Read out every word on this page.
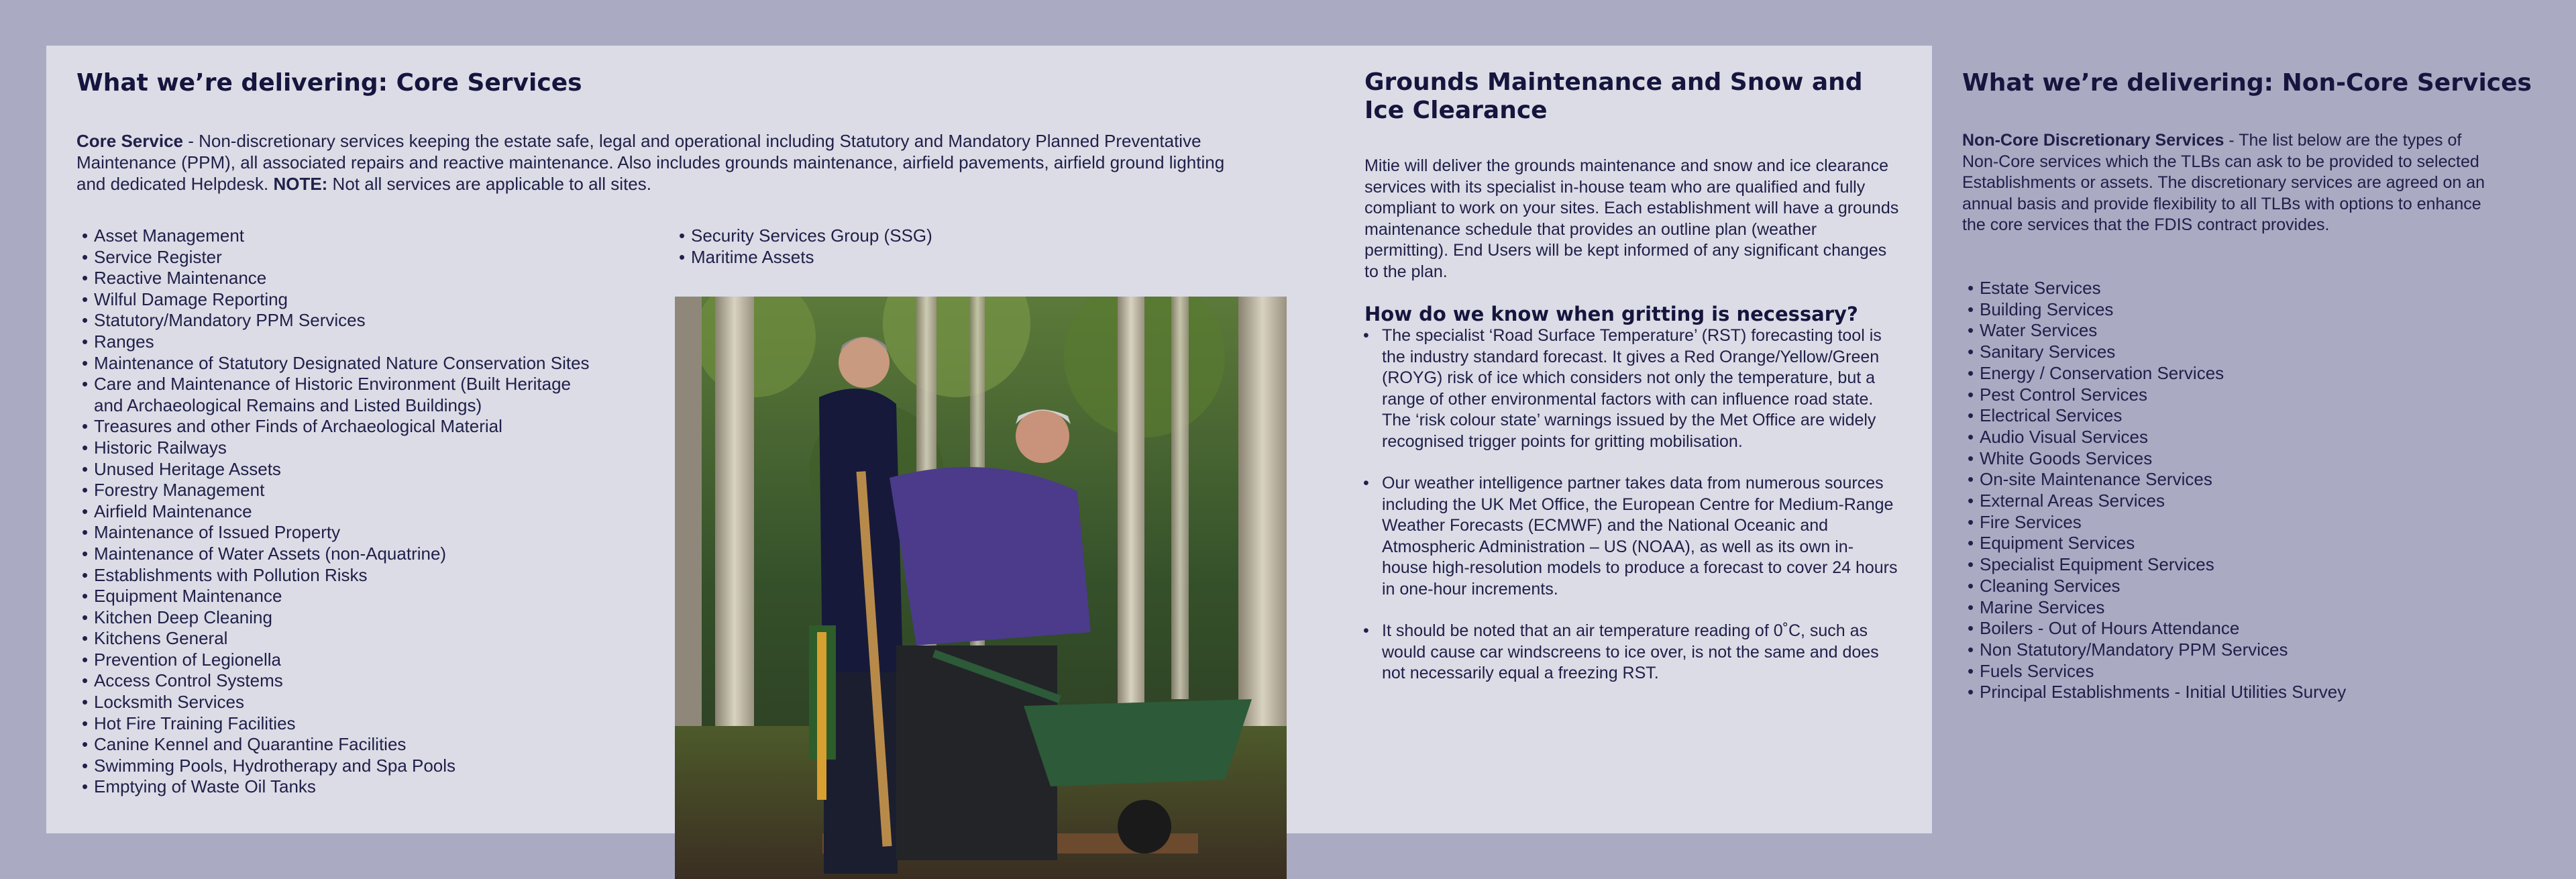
What we’re delivering: Core Services

Core Service - Non-discretionary services keeping the estate safe, legal and operational including Statutory and Mandatory Planned Preventative Maintenance (PPM), all associated repairs and reactive maintenance. Also includes grounds maintenance, airfield pavements, airfield ground lighting and dedicated Helpdesk. NOTE: Not all services are applicable to all sites.

• Asset Management
• Service Register
• Reactive Maintenance
• Wilful Damage Reporting
• Statutory/Mandatory PPM Services
• Ranges
• Maintenance of Statutory Designated Nature Conservation Sites
• Care and Maintenance of Historic Environment (Built Heritage and Archaeological Remains and Listed Buildings)
• Treasures and other Finds of Archaeological Material
• Historic Railways
• Unused Heritage Assets
• Forestry Management
• Airfield Maintenance
• Maintenance of Issued Property
• Maintenance of Water Assets (non-Aquatrine)
• Establishments with Pollution Risks
• Equipment Maintenance
• Kitchen Deep Cleaning
• Kitchens General
• Prevention of Legionella
• Access Control Systems
• Locksmith Services
• Hot Fire Training Facilities
• Canine Kennel and Quarantine Facilities
• Swimming Pools, Hydrotherapy and Spa Pools
• Emptying of Waste Oil Tanks
• Security Services Group (SSG)
• Maritime Assets
Grounds Maintenance and Snow and
Ice Clearance

Mitie will deliver the grounds maintenance and snow and ice clearance services with its specialist in-house team who are qualified and fully compliant to work on your sites. Each establishment will have a grounds maintenance schedule that provides an outline plan (weather permitting). End Users will be kept informed of any significant changes to the plan.

How do we know when gritting is necessary?
• The specialist ‘Road Surface Temperature’ (RST) forecasting tool is the industry standard forecast. It gives a Red Orange/Yellow/Green (ROYG) risk of ice which considers not only the temperature, but a range of other environmental factors with can influence road state. The ‘risk colour state’ warnings issued by the Met Office are widely recognised trigger points for gritting mobilisation.
• Our weather intelligence partner takes data from numerous sources including the UK Met Office, the European Centre for Medium-Range Weather Forecasts (ECMWF) and the National Oceanic and Atmospheric Administration – US (NOAA), as well as its own in-house high-resolution models to produce a forecast to cover 24 hours in one-hour increments.
• It should be noted that an air temperature reading of 0˚C, such as would cause car windscreens to ice over, is not the same and does not necessarily equal a freezing RST.
What we’re delivering: Non-Core Services

Non-Core Discretionary Services - The list below are the types of Non-Core services which the TLBs can ask to be provided to selected Establishments or assets. The discretionary services are agreed on an annual basis and provide flexibility to all TLBs with options to enhance the core services that the FDIS contract provides.

• Estate Services
• Building Services
• Water Services
• Sanitary Services
• Energy / Conservation Services
• Pest Control Services
• Electrical Services
• Audio Visual Services
• White Goods Services
• On-site Maintenance Services
• External Areas Services
• Fire Services
• Equipment Services
• Specialist Equipment Services
• Cleaning Services
• Marine Services
• Boilers - Out of Hours Attendance
• Non Statutory/Mandatory PPM Services
• Fuels Services
• Principal Establishments - Initial Utilities Survey
